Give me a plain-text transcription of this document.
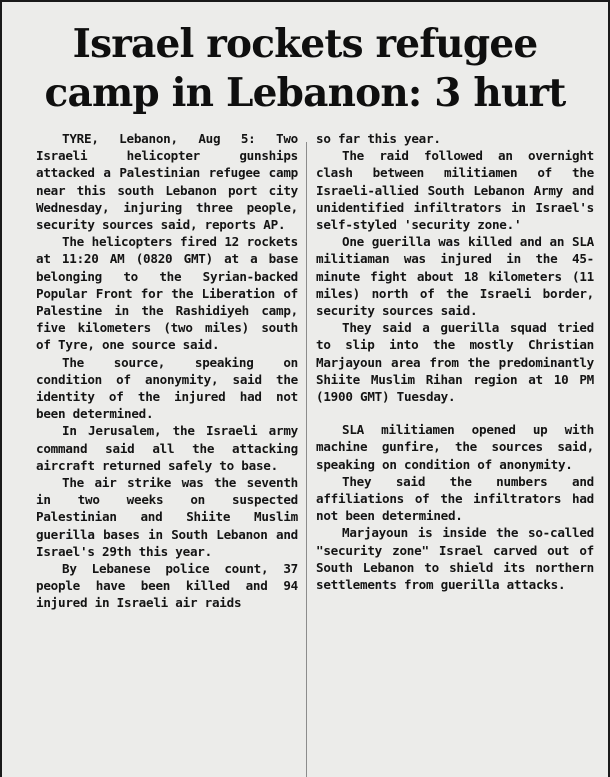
Israel rockets refugee
camp in Lebanon: 3 hurt

TYRE, Lebanon, Aug 5: Two Israeli helicopter gunships attacked a Palestinian refugee camp near this south Lebanon port city Wednesday, injuring three people, security sources said, reports AP.

The helicopters fired 12 rockets at 11:20 AM (0820 GMT) at a base belonging to the Syrian-backed Popular Front for the Liberation of Palestine in the Rashidiyeh camp, five kilometers (two miles) south of Tyre, one source said.

The source, speaking on condition of anonymity, said the identity of the injured had not been determined.

In Jerusalem, the Israeli army command said all the attacking aircraft returned safely to base.

The air strike was the seventh in two weeks on suspected Palestinian and Shiite Muslim guerilla bases in South Lebanon and Israel's 29th this year.

By Lebanese police count, 37 people have been killed and 94 injured in Israeli air raids

so far this year.

The raid followed an overnight clash between militiamen of the Israeli-allied South Lebanon Army and unidentified infiltrators in Israel's self-styled 'security zone.'

One guerilla was killed and an SLA militiaman was injured in the 45-minute fight about 18 kilometers (11 miles) north of the Israeli border, security sources said.

They said a guerilla squad tried to slip into the mostly Christian Marjayoun area from the predominantly Shiite Muslim Rihan region at 10 PM (1900 GMT) Tuesday.

SLA militiamen opened up with machine gunfire, the sources said, speaking on condition of anonymity.

They said the numbers and affiliations of the infiltrators had not been determined.

Marjayoun is inside the so-called "security zone" Israel carved out of South Lebanon to shield its northern settlements from guerilla attacks.
